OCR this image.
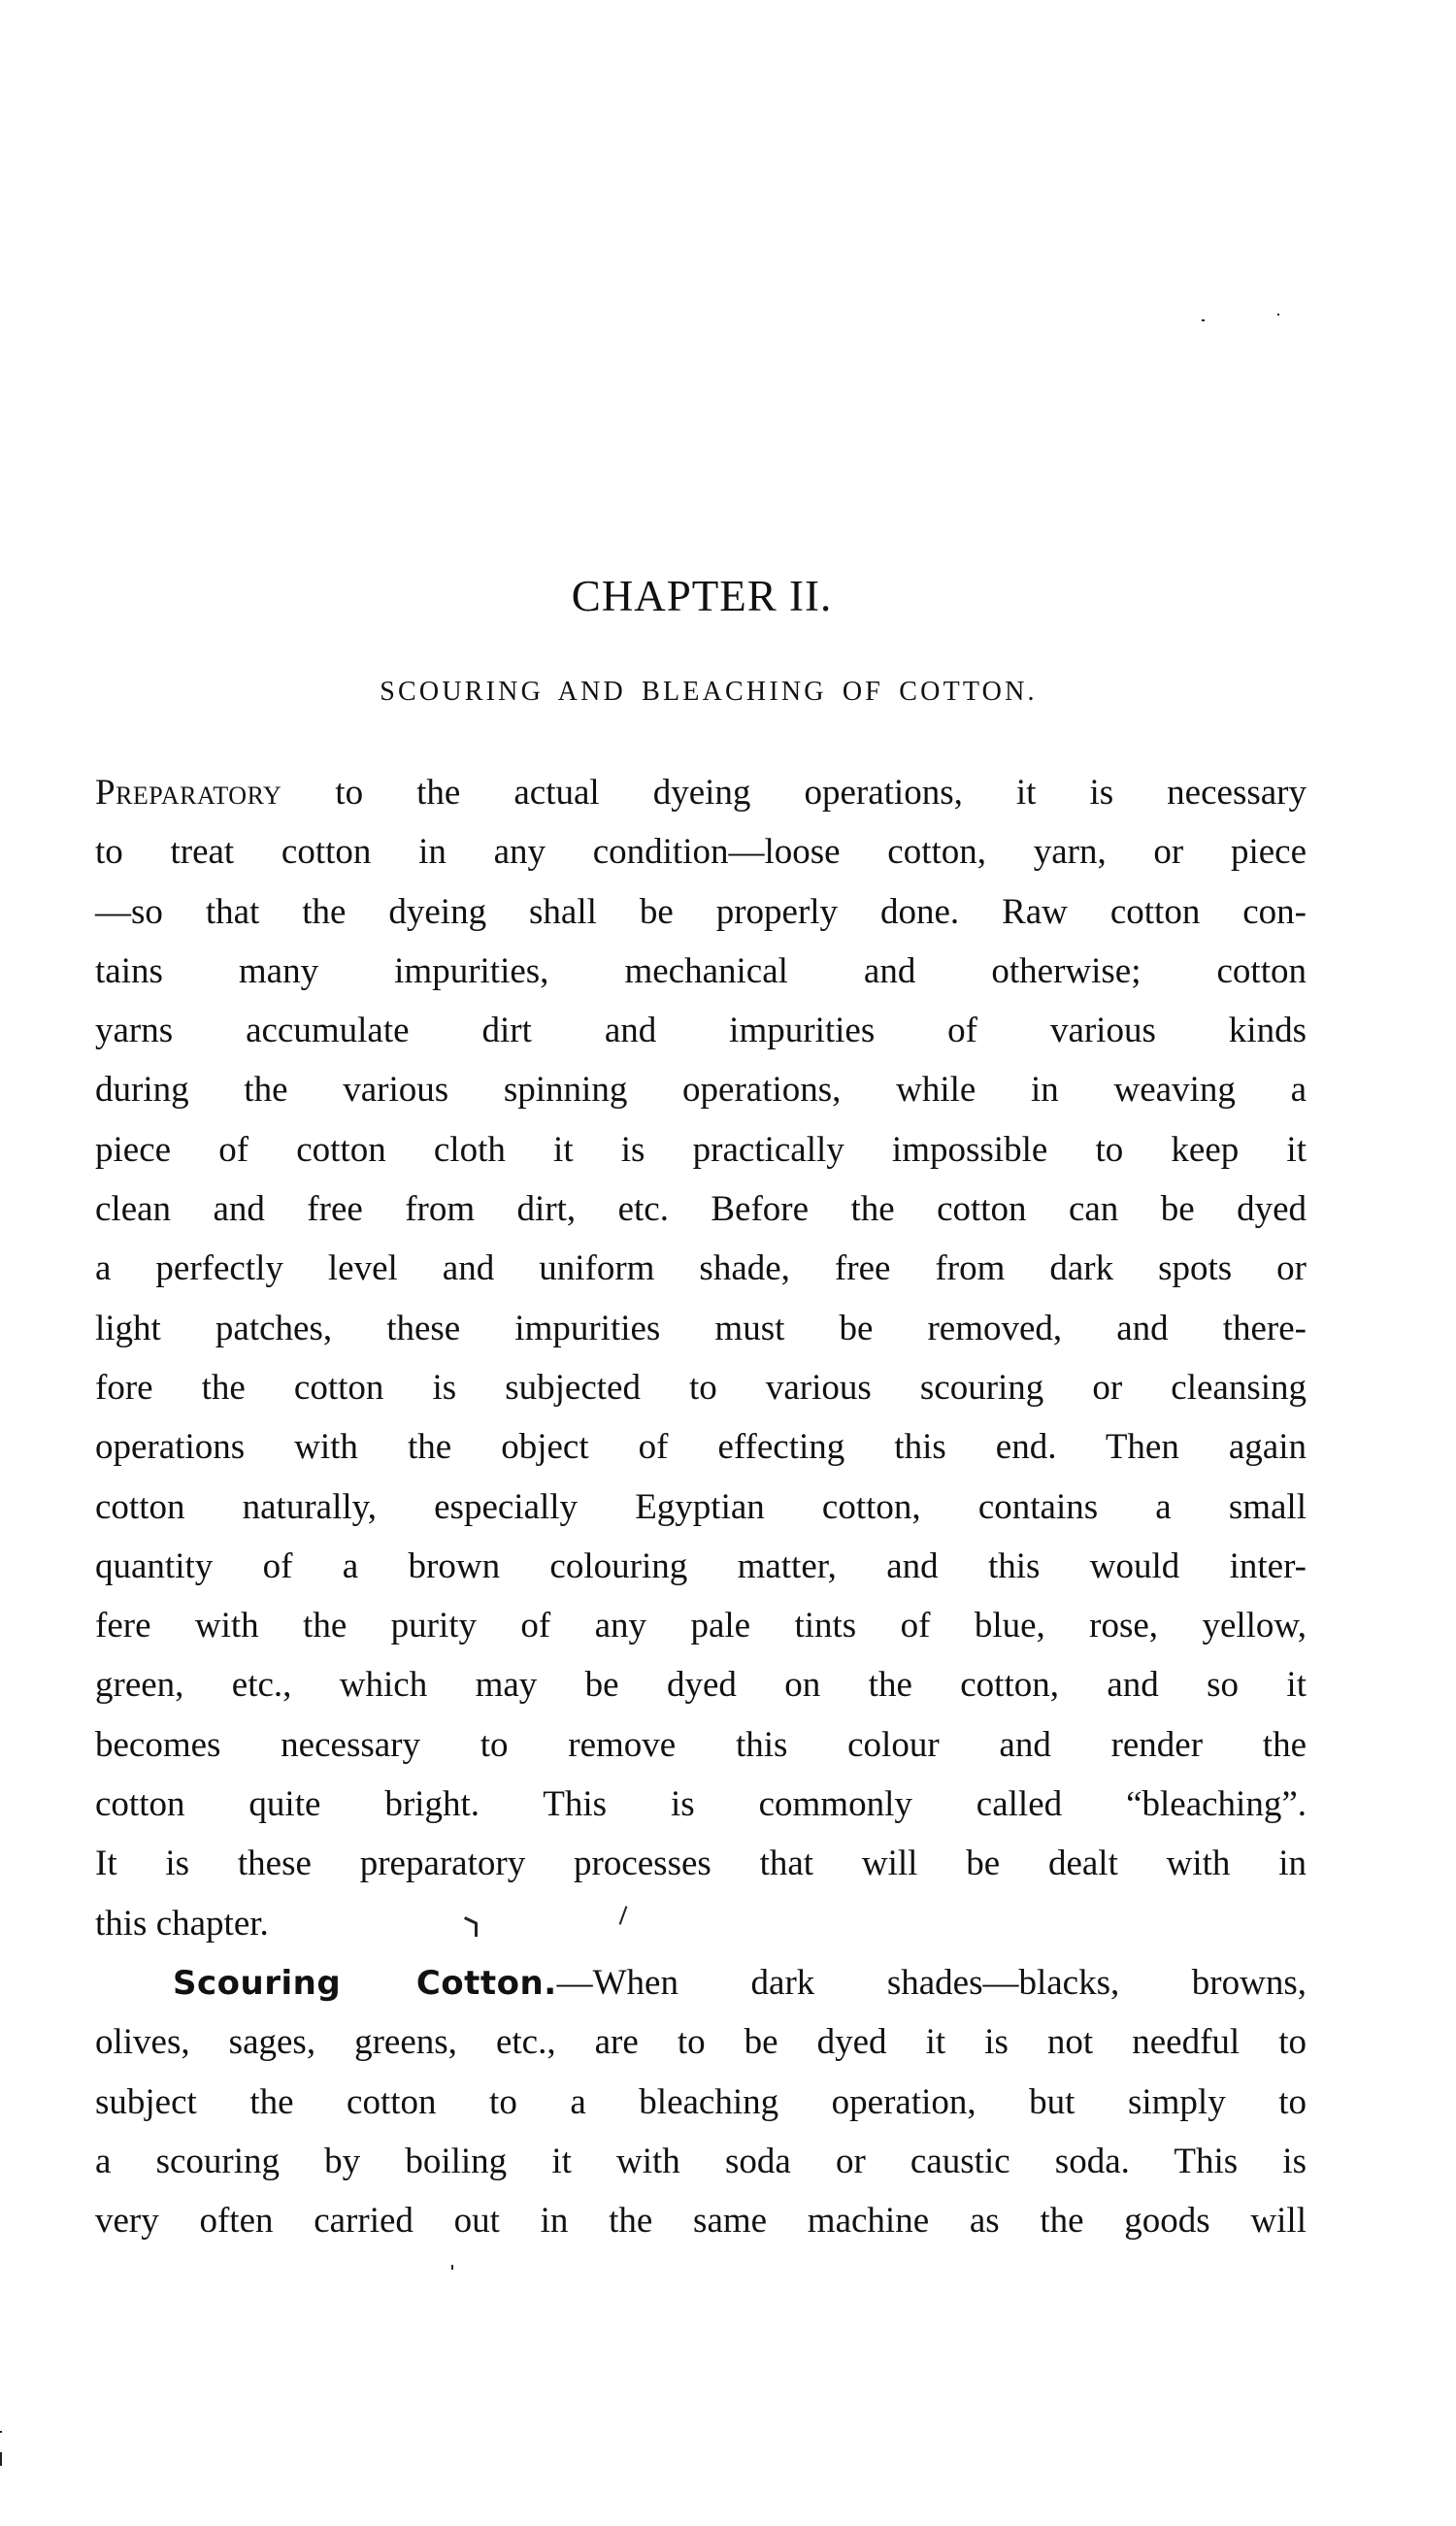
CHAPTER II.
SCOURING AND BLEACHING OF COTTON.
Preparatory to the actual dyeing operations, it is necessary
to treat cotton in any condition—loose cotton, yarn, or piece
—so that the dyeing shall be properly done. Raw cotton con-
tains many impurities, mechanical and otherwise; cotton
yarns accumulate dirt and impurities of various kinds
during the various spinning operations, while in weaving a
piece of cotton cloth it is practically impossible to keep it
clean and free from dirt, etc. Before the cotton can be dyed
a perfectly level and uniform shade, free from dark spots or
light patches, these impurities must be removed, and there-
fore the cotton is subjected to various scouring or cleansing
operations with the object of effecting this end. Then again
cotton naturally, especially Egyptian cotton, contains a small
quantity of a brown colouring matter, and this would inter-
fere with the purity of any pale tints of blue, rose, yellow,
green, etc., which may be dyed on the cotton, and so it
becomes necessary to remove this colour and render the
cotton quite bright. This is commonly called “bleaching”.
It is these preparatory processes that will be dealt with in
this chapter.
Scouring Cotton.—When dark shades—blacks, browns,
olives, sages, greens, etc., are to be dyed it is not needful to
subject the cotton to a bleaching operation, but simply to
a scouring by boiling it with soda or caustic soda. This is
very often carried out in the same machine as the goods will
